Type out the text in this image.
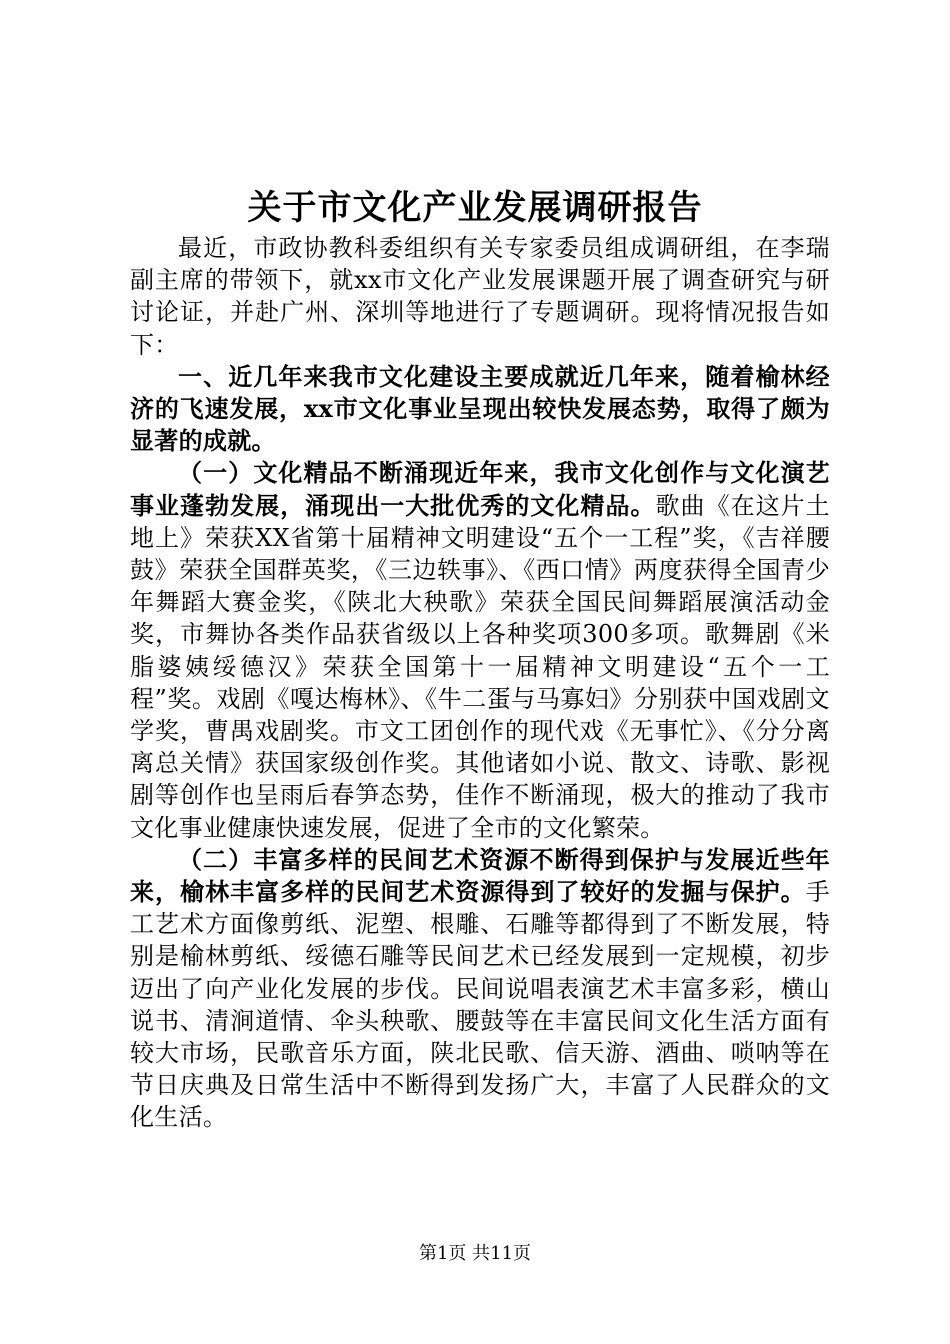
关于市文化产业发展调研报告

最近，市政协教科委组织有关专家委员组成调研组，在李瑞副主席的带领下，就xx市文化产业发展课题开展了调查研究与研讨论证，并赴广州、深圳等地进行了专题调研。现将情况报告如下：

一、近几年来我市文化建设主要成就近几年来，随着榆林经济的飞速发展，xx市文化事业呈现出较快发展态势，取得了颇为显著的成就。

（一）文化精品不断涌现近年来，我市文化创作与文化演艺事业蓬勃发展，涌现出一大批优秀的文化精品。歌曲《在这片土地上》荣获XX省第十届精神文明建设“五个一工程”奖，《吉祥腰鼓》荣获全国群英奖，《三边轶事》、《西口情》两度获得全国青少年舞蹈大赛金奖，《陕北大秧歌》荣获全国民间舞蹈展演活动金奖，市舞协各类作品获省级以上各种奖项300多项。歌舞剧《米脂婆姨绥德汉》荣获全国第十一届精神文明建设“五个一工程”奖。戏剧《嘎达梅林》、《牛二蛋与马寡妇》分别获中国戏剧文学奖，曹禺戏剧奖。市文工团创作的现代戏《无事忙》、《分分离离总关情》获国家级创作奖。其他诸如小说、散文、诗歌、影视剧等创作也呈雨后春笋态势，佳作不断涌现，极大的推动了我市文化事业健康快速发展，促进了全市的文化繁荣。

（二）丰富多样的民间艺术资源不断得到保护与发展近些年来，榆林丰富多样的民间艺术资源得到了较好的发掘与保护。手工艺术方面像剪纸、泥塑、根雕、石雕等都得到了不断发展，特别是榆林剪纸、绥德石雕等民间艺术已经发展到一定规模，初步迈出了向产业化发展的步伐。民间说唱表演艺术丰富多彩，横山说书、清涧道情、伞头秧歌、腰鼓等在丰富民间文化生活方面有较大市场，民歌音乐方面，陕北民歌、信天游、酒曲、唢呐等在节日庆典及日常生活中不断得到发扬广大，丰富了人民群众的文化生活。

第1页 共11页
